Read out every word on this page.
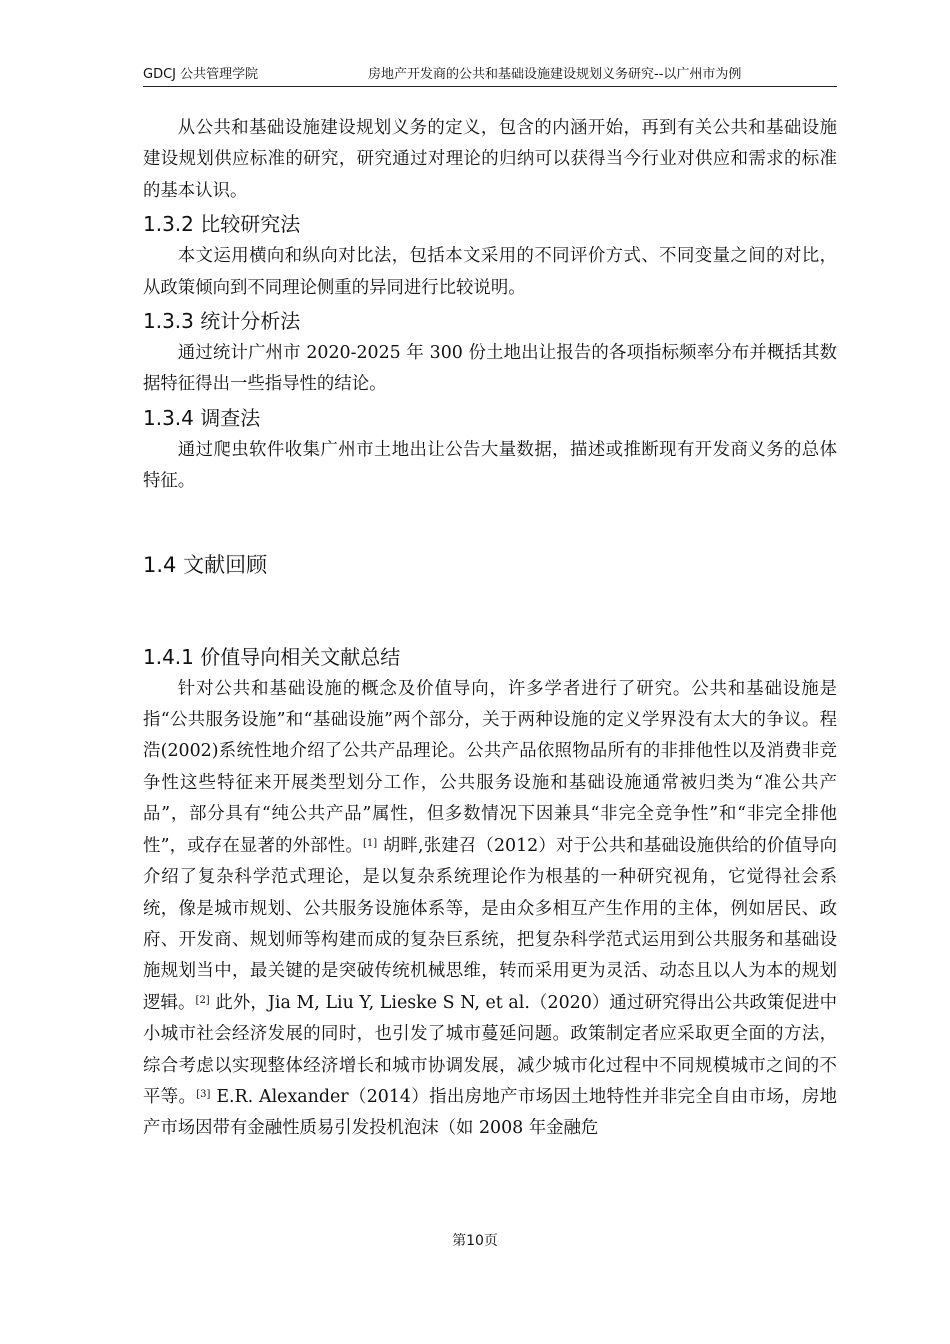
GDCJ 公共管理学院	房地产开发商的公共和基础设施建设规划义务研究--以广州市为例

从公共和基础设施建设规划义务的定义，包含的内涵开始，再到有关公共和基础设施建设规划供应标准的研究，研究通过对理论的归纳可以获得当今行业对供应和需求的标准的基本认识。

1.3.2 比较研究法

本文运用横向和纵向对比法，包括本文采用的不同评价方式、不同变量之间的对比，从政策倾向到不同理论侧重的异同进行比较说明。

1.3.3 统计分析法

通过统计广州市 2020-2025 年 300 份土地出让报告的各项指标频率分布并概括其数据特征得出一些指导性的结论。

1.3.4 调查法

通过爬虫软件收集广州市土地出让公告大量数据，描述或推断现有开发商义务的总体特征。

1.4 文献回顾
1.4.1 价值导向相关文献总结

针对公共和基础设施的概念及价值导向，许多学者进行了研究。公共和基础设施是指“公共服务设施”和“基础设施”两个部分，关于两种设施的定义学界没有太大的争议。程浩(2002)系统性地介绍了公共产品理论。公共产品依照物品所有的非排他性以及消费非竞争性这些特征来开展类型划分工作，公共服务设施和基础设施通常被归类为“准公共产品”，部分具有“纯公共产品”属性，但多数情况下因兼具“非完全竞争性”和“非完全排他性”，或存在显著的外部性。[1] 胡畔,张建召（2012）对于公共和基础设施供给的价值导向介绍了复杂科学范式理论，是以复杂系统理论作为根基的一种研究视角，它觉得社会系统，像是城市规划、公共服务设施体系等，是由众多相互产生作用的主体，例如居民、政府、开发商、规划师等构建而成的复杂巨系统，把复杂科学范式运用到公共服务和基础设施规划当中，最关键的是突破传统机械思维，转而采用更为灵活、动态且以人为本的规划逻辑。[2] 此外，Jia M, Liu Y, Lieske S N, et al.（2020）通过研究得出公共政策促进中小城市社会经济发展的同时，也引发了城市蔓延问题。政策制定者应采取更全面的方法，综合考虑以实现整体经济增长和城市协调发展，减少城市化过程中不同规模城市之间的不平等。[3] E.R. Alexander（2014）指出房地产市场因土地特性并非完全自由市场，房地产市场因带有金融性质易引发投机泡沫（如 2008 年金融危

第10页
